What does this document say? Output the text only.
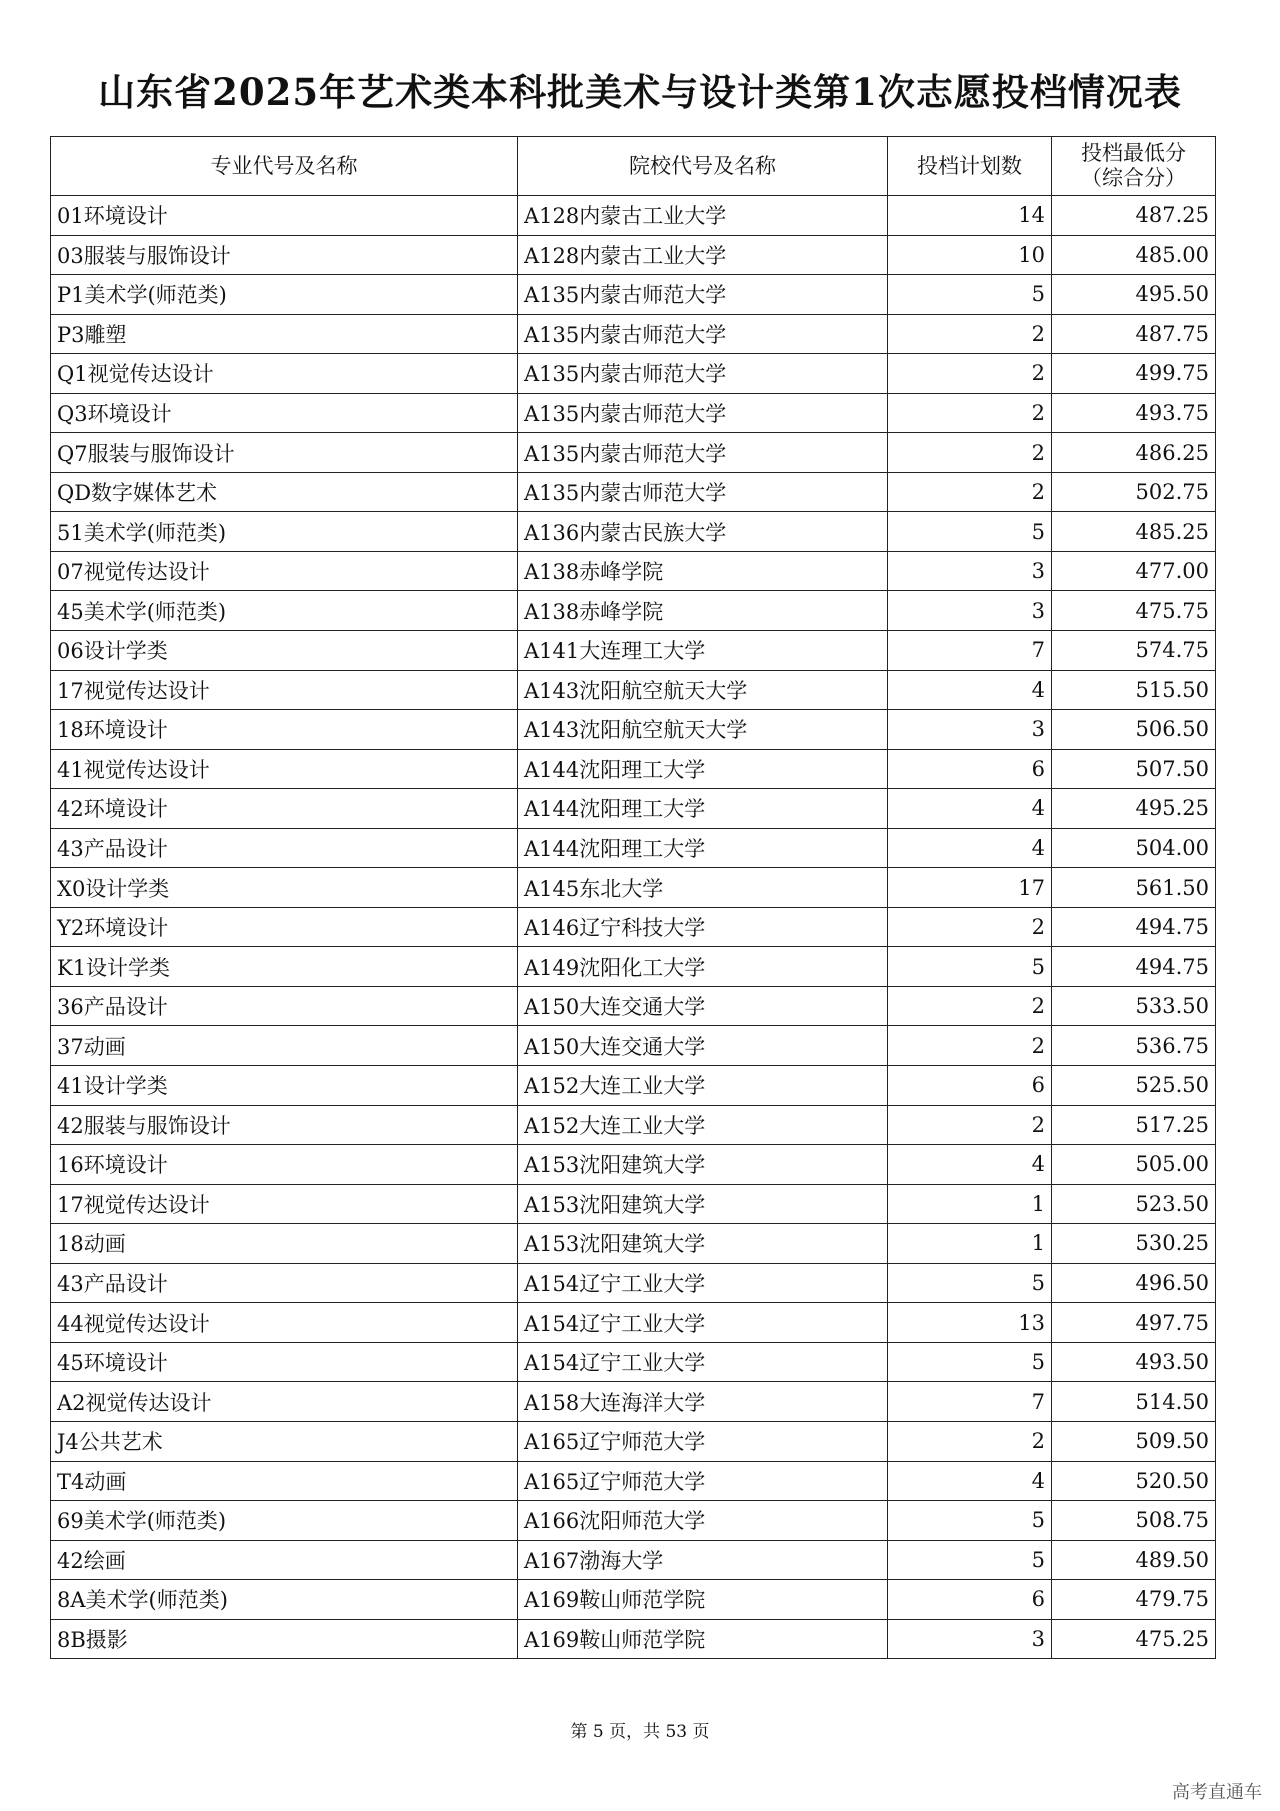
山东省2025年艺术类本科批美术与设计类第1次志愿投档情况表
专业代号及名称	院校代号及名称	投档计划数	投档最低分
（综合分）

01环境设计	A128内蒙古工业大学	14	487.25
03服装与服饰设计	A128内蒙古工业大学	10	485.00
P1美术学(师范类)	A135内蒙古师范大学	5	495.50
P3雕塑	A135内蒙古师范大学	2	487.75
Q1视觉传达设计	A135内蒙古师范大学	2	499.75
Q3环境设计	A135内蒙古师范大学	2	493.75
Q7服装与服饰设计	A135内蒙古师范大学	2	486.25
QD数字媒体艺术	A135内蒙古师范大学	2	502.75
51美术学(师范类)	A136内蒙古民族大学	5	485.25
07视觉传达设计	A138赤峰学院	3	477.00
45美术学(师范类)	A138赤峰学院	3	475.75
06设计学类	A141大连理工大学	7	574.75
17视觉传达设计	A143沈阳航空航天大学	4	515.50
18环境设计	A143沈阳航空航天大学	3	506.50
41视觉传达设计	A144沈阳理工大学	6	507.50
42环境设计	A144沈阳理工大学	4	495.25
43产品设计	A144沈阳理工大学	4	504.00
X0设计学类	A145东北大学	17	561.50
Y2环境设计	A146辽宁科技大学	2	494.75
K1设计学类	A149沈阳化工大学	5	494.75
36产品设计	A150大连交通大学	2	533.50
37动画	A150大连交通大学	2	536.75
41设计学类	A152大连工业大学	6	525.50
42服装与服饰设计	A152大连工业大学	2	517.25
16环境设计	A153沈阳建筑大学	4	505.00
17视觉传达设计	A153沈阳建筑大学	1	523.50
18动画	A153沈阳建筑大学	1	530.25
43产品设计	A154辽宁工业大学	5	496.50
44视觉传达设计	A154辽宁工业大学	13	497.75
45环境设计	A154辽宁工业大学	5	493.50
A2视觉传达设计	A158大连海洋大学	7	514.50
J4公共艺术	A165辽宁师范大学	2	509.50
T4动画	A165辽宁师范大学	4	520.50
69美术学(师范类)	A166沈阳师范大学	5	508.75
42绘画	A167渤海大学	5	489.50
8A美术学(师范类)	A169鞍山师范学院	6	479.75
8B摄影	A169鞍山师范学院	3	475.25
第 5 页，共 53 页
高考直通车
